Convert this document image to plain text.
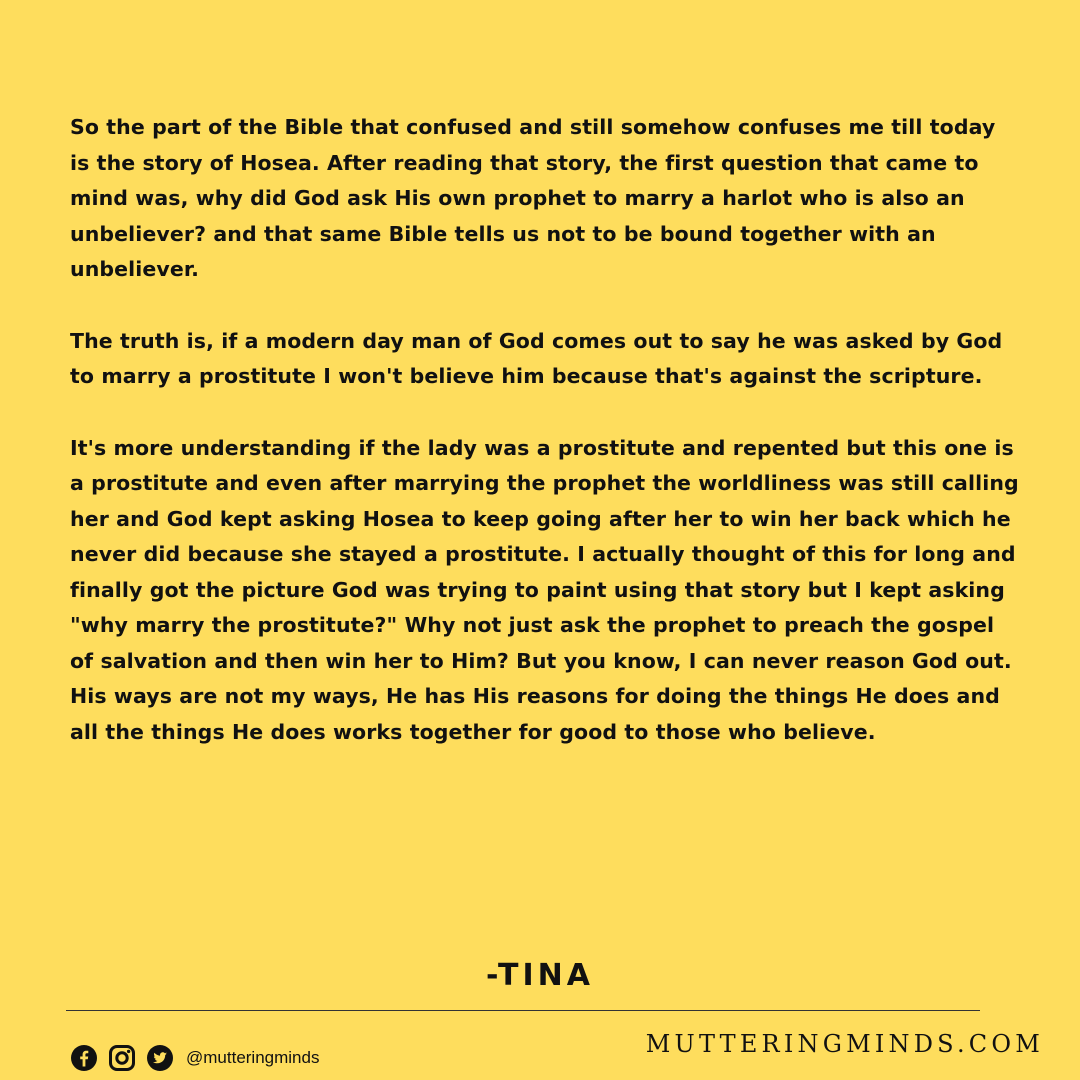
So the part of the Bible that confused and still somehow confuses me till today is the story of Hosea. After reading that story, the first question that came to mind was, why did God ask His own prophet to marry a harlot who is also an unbeliever? and that same Bible tells us not to be bound together with an unbeliever.

The truth is, if a modern day man of God comes out to say he was asked by God to marry a prostitute I won't believe him because that's against the scripture.

It's more understanding if the lady was a prostitute and repented but this one is a prostitute and even after marrying the prophet the worldliness was still calling her and God kept asking Hosea to keep going after her to win her back which he never did because she stayed a prostitute. I actually thought of this for long and finally got the picture God was trying to paint using that story but I kept asking "why marry the prostitute?" Why not just ask the prophet to preach the gospel of salvation and then win her to Him? But you know, I can never reason God out. His ways are not my ways, He has His reasons for doing the things He does and all the things He does works together for good to those who believe.

-TINA
@mutteringminds	MUTTERINGMINDS.COM
